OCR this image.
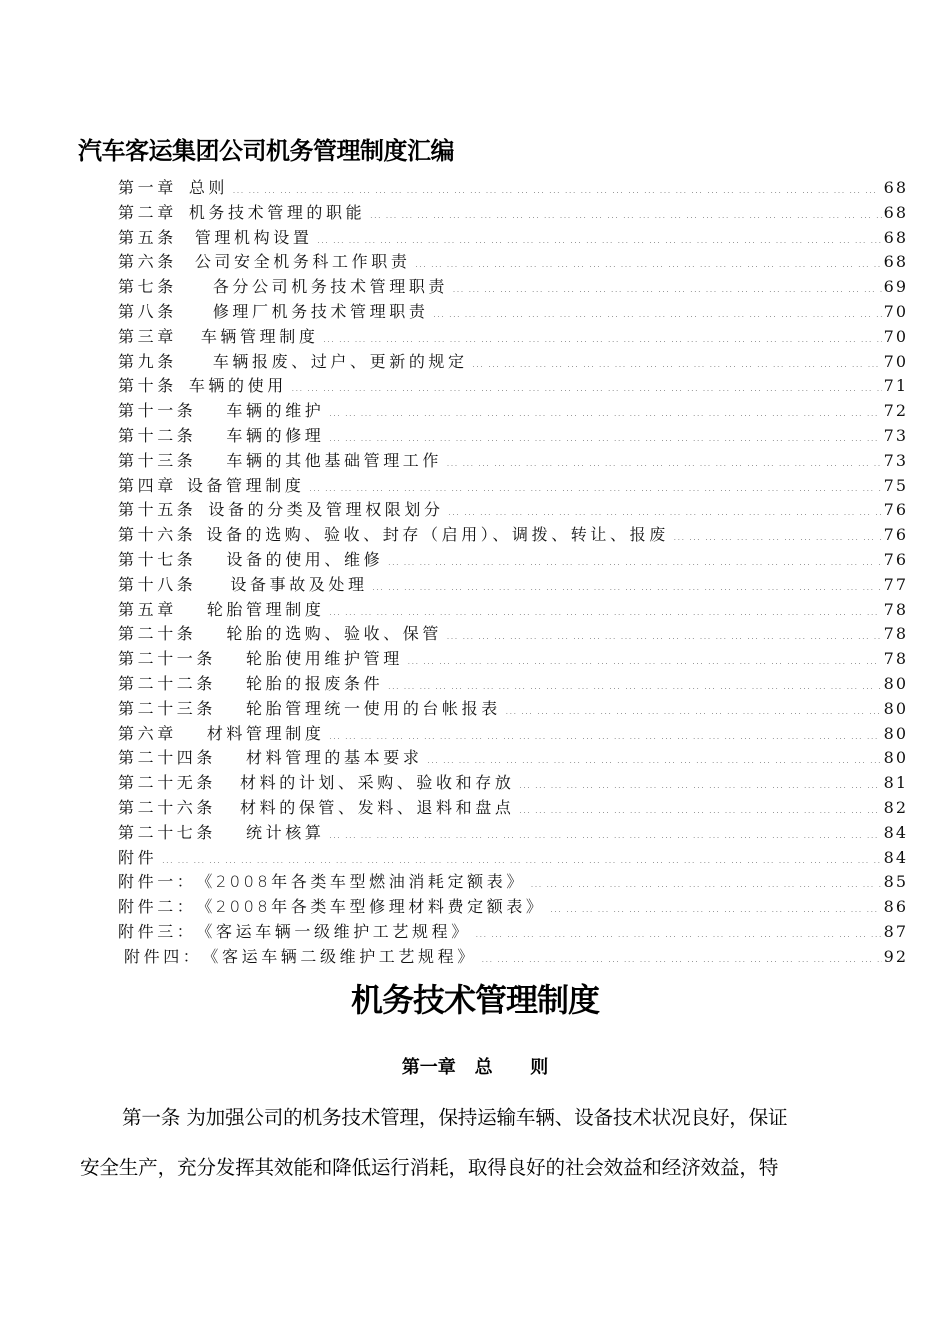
汽车客运集团公司机务管理制度汇编
第一章 总则 … … … … … … … … … … … … … … … … … … … … … … … … … … … … … … … … … … … … … … … … … … … … … … … … … … … … … … … … …	68
第二章 机务技术管理的职能 … … … … … … … … … … … … … … … … … … … … … … … … … … … … … … … … … … … … … … … … … … … … … … … … … … … … … … … … …	68
第五条 管理机构设置 … … … … … … … … … … … … … … … … … … … … … … … … … … … … … … … … … … … … … … … … … … … … … … … … … … … … … … … … …	68
第六条 公司安全机务科工作职责 … … … … … … … … … … … … … … … … … … … … … … … … … … … … … … … … … … … … … … … … … … … … … … … … … … … … … … … … …	68
第七条 各分公司机务技术管理职责 … … … … … … … … … … … … … … … … … … … … … … … … … … … … … … … … … … … … … … … … … … … … … … … … … … … … … … … … …	69
第八条 修理厂机务技术管理职责 … … … … … … … … … … … … … … … … … … … … … … … … … … … … … … … … … … … … … … … … … … … … … … … … … … … … … … … … …	70
第三章 车辆管理制度 … … … … … … … … … … … … … … … … … … … … … … … … … … … … … … … … … … … … … … … … … … … … … … … … … … … … … … … … …	70
第九条 车辆报废、过户、更新的规定 … … … … … … … … … … … … … … … … … … … … … … … … … … … … … … … … … … … … … … … … … … … … … … … … … … … … … … … … …	70
第十条 车辆的使用 … … … … … … … … … … … … … … … … … … … … … … … … … … … … … … … … … … … … … … … … … … … … … … … … … … … … … … … … …	71
第十一条 车辆的维护 … … … … … … … … … … … … … … … … … … … … … … … … … … … … … … … … … … … … … … … … … … … … … … … … … … … … … … … … …	72
第十二条 车辆的修理 … … … … … … … … … … … … … … … … … … … … … … … … … … … … … … … … … … … … … … … … … … … … … … … … … … … … … … … … …	73
第十三条 车辆的其他基础管理工作 … … … … … … … … … … … … … … … … … … … … … … … … … … … … … … … … … … … … … … … … … … … … … … … … … … … … … … … … …	73
第四章 设备管理制度 … … … … … … … … … … … … … … … … … … … … … … … … … … … … … … … … … … … … … … … … … … … … … … … … … … … … … … … … …	75
第十五条 设备的分类及管理权限划分 … … … … … … … … … … … … … … … … … … … … … … … … … … … … … … … … … … … … … … … … … … … … … … … … … … … … … … … … …	76
第十六条 设备的选购、验收、封存（启用）、调拨、转让、报废 … … … … … … … … … … … … … … … … … … … … … … … … … … … … … … … … … … … … … … … … … … … … … … … … … … … … … … … … …	76
第十七条 设备的使用、维修 … … … … … … … … … … … … … … … … … … … … … … … … … … … … … … … … … … … … … … … … … … … … … … … … … … … … … … … … …	76
第十八条 设备事故及处理 … … … … … … … … … … … … … … … … … … … … … … … … … … … … … … … … … … … … … … … … … … … … … … … … … … … … … … … … …	77
第五章 轮胎管理制度 … … … … … … … … … … … … … … … … … … … … … … … … … … … … … … … … … … … … … … … … … … … … … … … … … … … … … … … … …	78
第二十条 轮胎的选购、验收、保管 … … … … … … … … … … … … … … … … … … … … … … … … … … … … … … … … … … … … … … … … … … … … … … … … … … … … … … … … …	78
第二十一条 轮胎使用维护管理 … … … … … … … … … … … … … … … … … … … … … … … … … … … … … … … … … … … … … … … … … … … … … … … … … … … … … … … … …	78
第二十二条 轮胎的报废条件 … … … … … … … … … … … … … … … … … … … … … … … … … … … … … … … … … … … … … … … … … … … … … … … … … … … … … … … … …	80
第二十三条 轮胎管理统一使用的台帐报表 … … … … … … … … … … … … … … … … … … … … … … … … … … … … … … … … … … … … … … … … … … … … … … … … … … … … … … … … …	80
第六章 材料管理制度 … … … … … … … … … … … … … … … … … … … … … … … … … … … … … … … … … … … … … … … … … … … … … … … … … … … … … … … … …	80
第二十四条 材料管理的基本要求 … … … … … … … … … … … … … … … … … … … … … … … … … … … … … … … … … … … … … … … … … … … … … … … … … … … … … … … … …	80
第二十无条 材料的计划、采购、验收和存放 … … … … … … … … … … … … … … … … … … … … … … … … … … … … … … … … … … … … … … … … … … … … … … … … … … … … … … … … …	81
第二十六条 材料的保管、发料、退料和盘点 … … … … … … … … … … … … … … … … … … … … … … … … … … … … … … … … … … … … … … … … … … … … … … … … … … … … … … … … …	82
第二十七条 统计核算 … … … … … … … … … … … … … … … … … … … … … … … … … … … … … … … … … … … … … … … … … … … … … … … … … … … … … … … … …	84
附件 … … … … … … … … … … … … … … … … … … … … … … … … … … … … … … … … … … … … … … … … … … … … … … … … … … … … … … … … …	84
附件一： 《2008年各类车型燃油消耗定额表》 … … … … … … … … … … … … … … … … … … … … … … … … … … … … … … … … … … … … … … … … … … … … … … … … … … … … … … … … …	85
附件二： 《2008年各类车型修理材料费定额表》 … … … … … … … … … … … … … … … … … … … … … … … … … … … … … … … … … … … … … … … … … … … … … … … … … … … … … … … … …	86
附件三： 《客运车辆一级维护工艺规程》 … … … … … … … … … … … … … … … … … … … … … … … … … … … … … … … … … … … … … … … … … … … … … … … … … … … … … … … … …	87
附件四： 《客运车辆二级维护工艺规程》 … … … … … … … … … … … … … … … … … … … … … … … … … … … … … … … … … … … … … … … … … … … … … … … … … … … … … … … … …	92
机务技术管理制度
第一章   总      则
第一条 为加强公司的机务技术管理，保持运输车辆、设备技术状况良好，保证
安全生产，充分发挥其效能和降低运行消耗，取得良好的社会效益和经济效益，特
